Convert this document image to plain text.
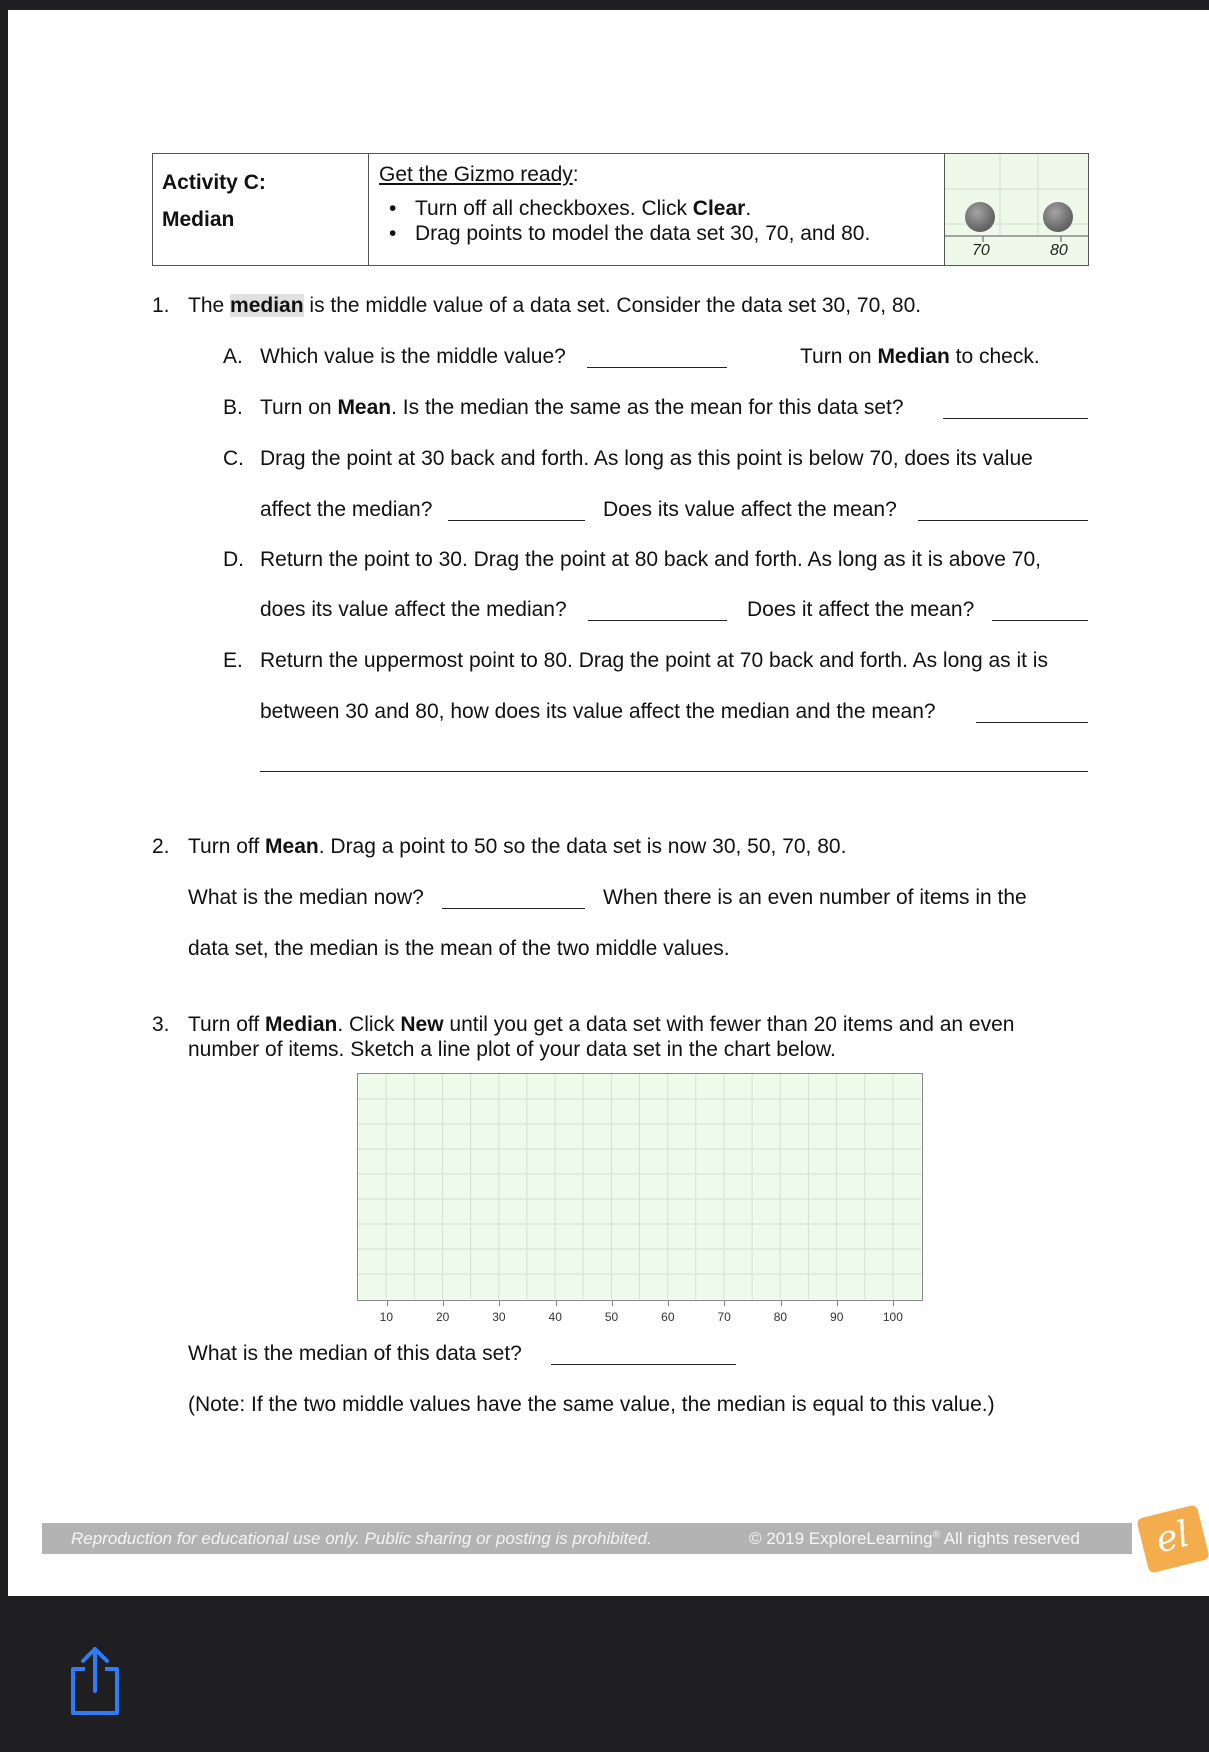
Activity C:
Median
Get the Gizmo ready:
• Turn off all checkboxes. Click Clear.
• Drag points to model the data set 30, 70, and 80.
70	80
1. The median is the middle value of a data set. Consider the data set 30, 70, 80.
A. Which value is the middle value?	Turn on Median to check.
B. Turn on Mean. Is the median the same as the mean for this data set?
C. Drag the point at 30 back and forth. As long as this point is below 70, does its value
affect the median?	Does its value affect the mean?
D. Return the point to 30. Drag the point at 80 back and forth. As long as it is above 70,
does its value affect the median?	Does it affect the mean?
E. Return the uppermost point to 80. Drag the point at 70 back and forth. As long as it is
between 30 and 80, how does its value affect the median and the mean?
2. Turn off Mean. Drag a point to 50 so the data set is now 30, 50, 70, 80.
What is the median now?	When there is an even number of items in the
data set, the median is the mean of the two middle values.
3. Turn off Median. Click New until you get a data set with fewer than 20 items and an even
number of items. Sketch a line plot of your data set in the chart below.
10	20	30	40	50	60	70	80	90	100
What is the median of this data set?
(Note: If the two middle values have the same value, the median is equal to this value.)
Reproduction for educational use only. Public sharing or posting is prohibited.	© 2019 ExploreLearning® All rights reserved	el
